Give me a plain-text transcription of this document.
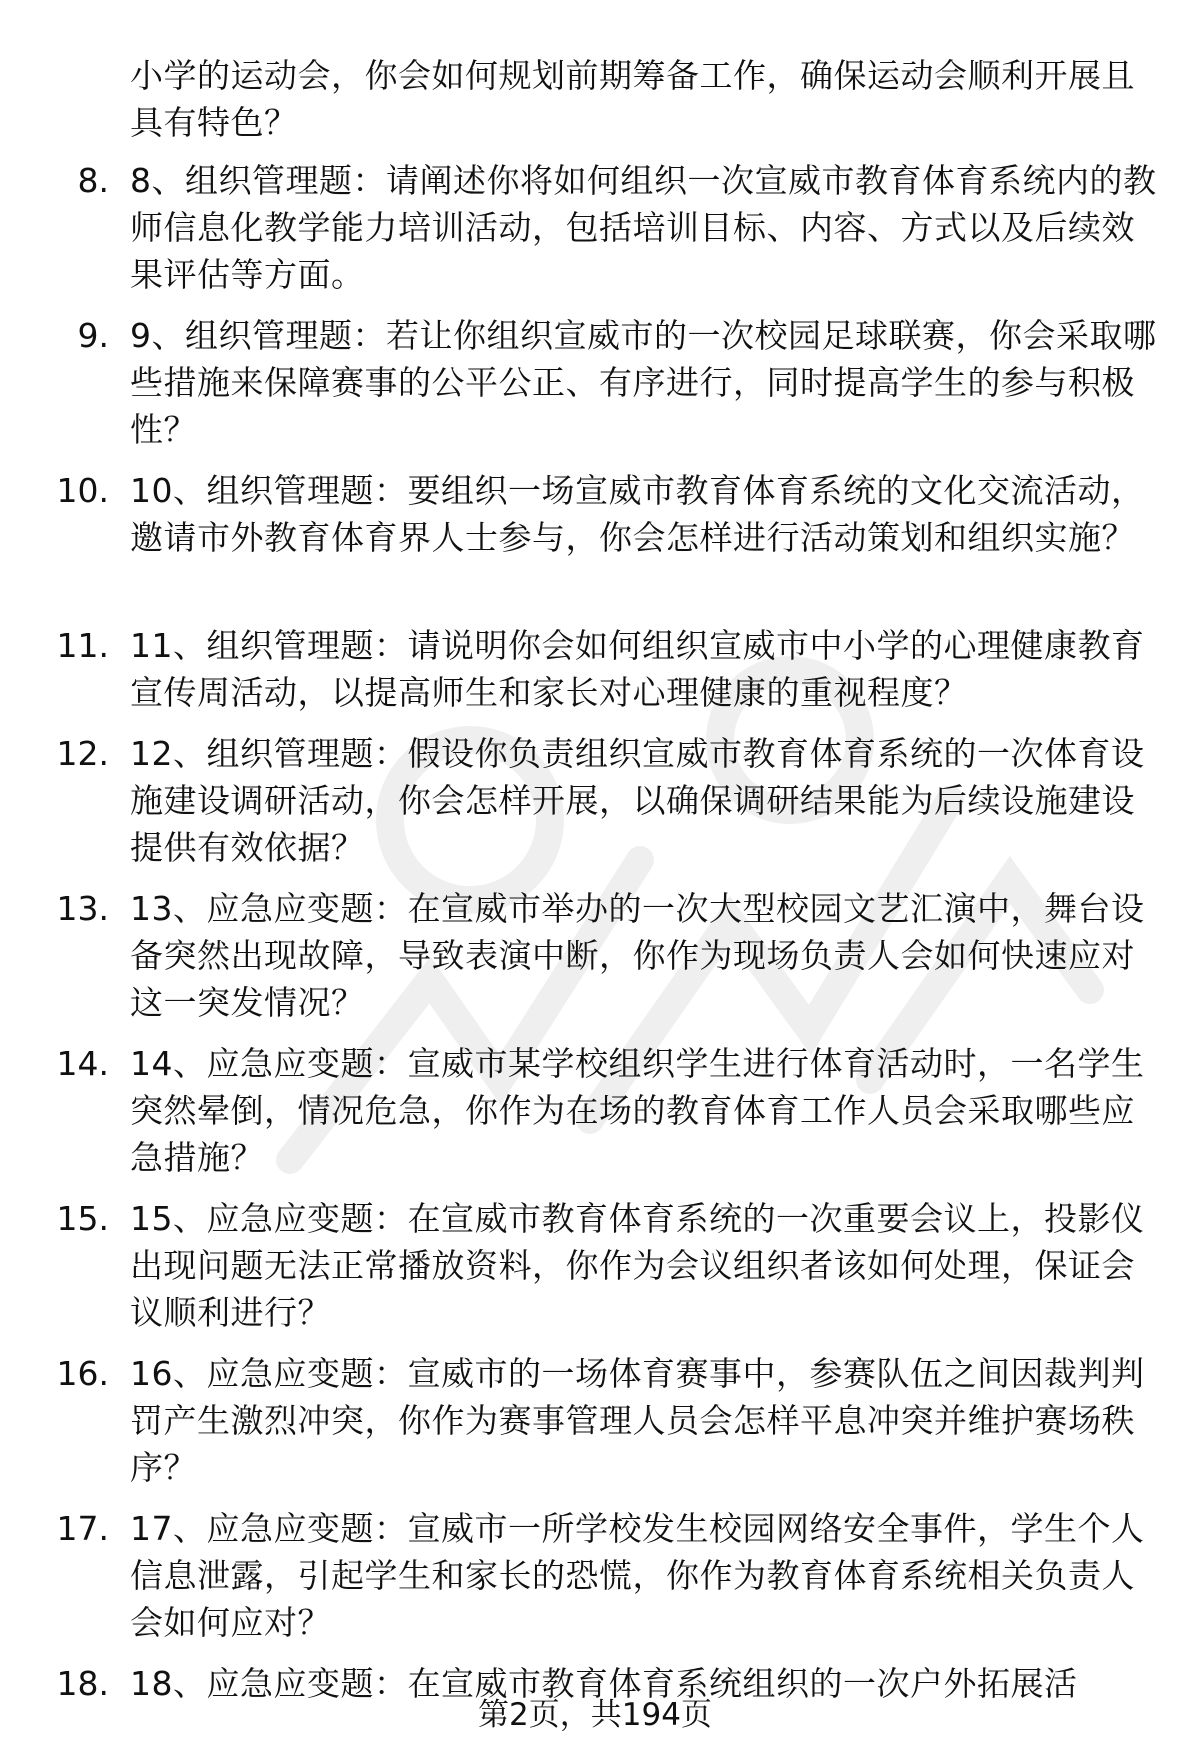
小学的运动会，你会如何规划前期筹备工作，确保运动会顺利开展且具有特色？
8. 8、组织管理题：请阐述你将如何组织一次宣威市教育体育系统内的教师信息化教学能力培训活动，包括培训目标、内容、方式以及后续效果评估等方面。
9. 9、组织管理题：若让你组织宣威市的一次校园足球联赛，你会采取哪些措施来保障赛事的公平公正、有序进行，同时提高学生的参与积极性？
10. 10、组织管理题：要组织一场宣威市教育体育系统的文化交流活动，邀请市外教育体育界人士参与，你会怎样进行活动策划和组织实施？
11. 11、组织管理题：请说明你会如何组织宣威市中小学的心理健康教育宣传周活动，以提高师生和家长对心理健康的重视程度？
12. 12、组织管理题：假设你负责组织宣威市教育体育系统的一次体育设施建设调研活动，你会怎样开展，以确保调研结果能为后续设施建设提供有效依据？
13. 13、应急应变题：在宣威市举办的一次大型校园文艺汇演中，舞台设备突然出现故障，导致表演中断，你作为现场负责人会如何快速应对这一突发情况？
14. 14、应急应变题：宣威市某学校组织学生进行体育活动时，一名学生突然晕倒，情况危急，你作为在场的教育体育工作人员会采取哪些应急措施？
15. 15、应急应变题：在宣威市教育体育系统的一次重要会议上，投影仪出现问题无法正常播放资料，你作为会议组织者该如何处理，保证会议顺利进行？
16. 16、应急应变题：宣威市的一场体育赛事中，参赛队伍之间因裁判判罚产生激烈冲突，你作为赛事管理人员会怎样平息冲突并维护赛场秩序？
17. 17、应急应变题：宣威市一所学校发生校园网络安全事件，学生个人信息泄露，引起学生和家长的恐慌，你作为教育体育系统相关负责人会如何应对？
18. 18、应急应变题：在宣威市教育体育系统组织的一次户外拓展活
第2页，共194页
